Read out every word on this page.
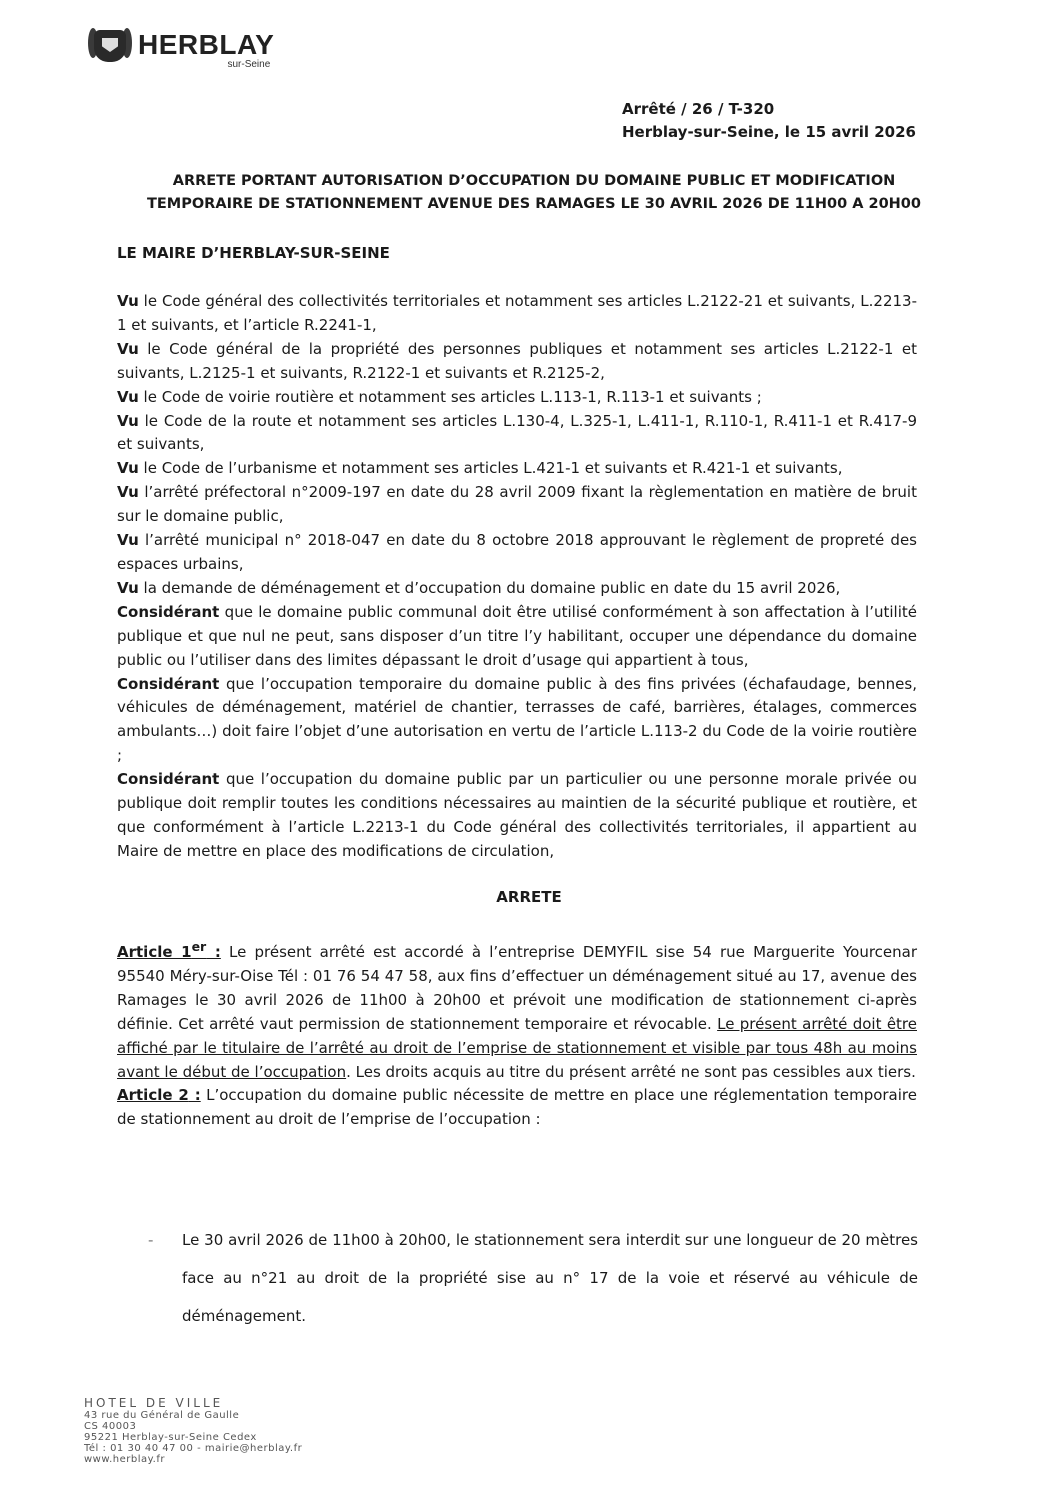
HERBLAY
sur-Seine
Arrêté / 26 / T-320
Herblay-sur-Seine, le 15 avril 2026
ARRETE PORTANT AUTORISATION D’OCCUPATION DU DOMAINE PUBLIC ET MODIFICATION
TEMPORAIRE DE STATIONNEMENT AVENUE DES RAMAGES LE 30 AVRIL 2026 DE 11H00 A 20H00
LE MAIRE D’HERBLAY-SUR-SEINE

Vu le Code général des collectivités territoriales et notamment ses articles L.2122-21 et suivants, L.2213-1 et suivants, et l’article R.2241-1,

Vu le Code général de la propriété des personnes publiques et notamment ses articles L.2122-1 et suivants, L.2125-1 et suivants, R.2122-1 et suivants et R.2125-2,

Vu le Code de voirie routière et notamment ses articles L.113-1, R.113-1 et suivants ;

Vu le Code de la route et notamment ses articles L.130-4, L.325-1, L.411-1, R.110-1, R.411-1 et R.417-9 et suivants,

Vu le Code de l’urbanisme et notamment ses articles L.421-1 et suivants et R.421-1 et suivants,

Vu l’arrêté préfectoral n°2009-197 en date du 28 avril 2009 fixant la règlementation en matière de bruit sur le domaine public,

Vu l’arrêté municipal n° 2018-047 en date du 8 octobre 2018 approuvant le règlement de propreté des espaces urbains,

Vu la demande de déménagement et d’occupation du domaine public en date du 15 avril 2026,

Considérant que le domaine public communal doit être utilisé conformément à son affectation à l’utilité publique et que nul ne peut, sans disposer d’un titre l’y habilitant, occuper une dépendance du domaine public ou l’utiliser dans des limites dépassant le droit d’usage qui appartient à tous,

Considérant que l’occupation temporaire du domaine public à des fins privées (échafaudage, bennes, véhicules de déménagement, matériel de chantier, terrasses de café, barrières, étalages, commerces ambulants…) doit faire l’objet d’une autorisation en vertu de l’article L.113-2 du Code de la voirie routière ;

Considérant que l’occupation du domaine public par un particulier ou une personne morale privée ou publique doit remplir toutes les conditions nécessaires au maintien de la sécurité publique et routière, et que conformément à l’article L.2213-1 du Code général des collectivités territoriales, il appartient au Maire de mettre en place des modifications de circulation,

ARRETE

Article 1er : Le présent arrêté est accordé à l’entreprise DEMYFIL sise 54 rue Marguerite Yourcenar 95540 Méry-sur-Oise Tél : 01 76 54 47 58, aux fins d’effectuer un déménagement situé au 17, avenue des Ramages le 30 avril 2026 de 11h00 à 20h00 et prévoit une modification de stationnement ci-après définie. Cet arrêté vaut permission de stationnement temporaire et révocable. Le présent arrêté doit être affiché par le titulaire de l’arrêté au droit de l’emprise de stationnement et visible par tous 48h au moins avant le début de l’occupation. Les droits acquis au titre du présent arrêté ne sont pas cessibles aux tiers.

Article 2 : L’occupation du domaine public nécessite de mettre en place une réglementation temporaire de stationnement au droit de l’emprise de l’occupation :

-	Le 30 avril 2026 de 11h00 à 20h00, le stationnement sera interdit sur une longueur de 20 mètres face au n°21 au droit de la propriété sise au n° 17 de la voie et réservé au véhicule de déménagement.
HOTEL DE VILLE
43 rue du Général de Gaulle
CS 40003
95221 Herblay-sur-Seine Cedex
Tél : 01 30 40 47 00 - mairie@herblay.fr
www.herblay.fr
